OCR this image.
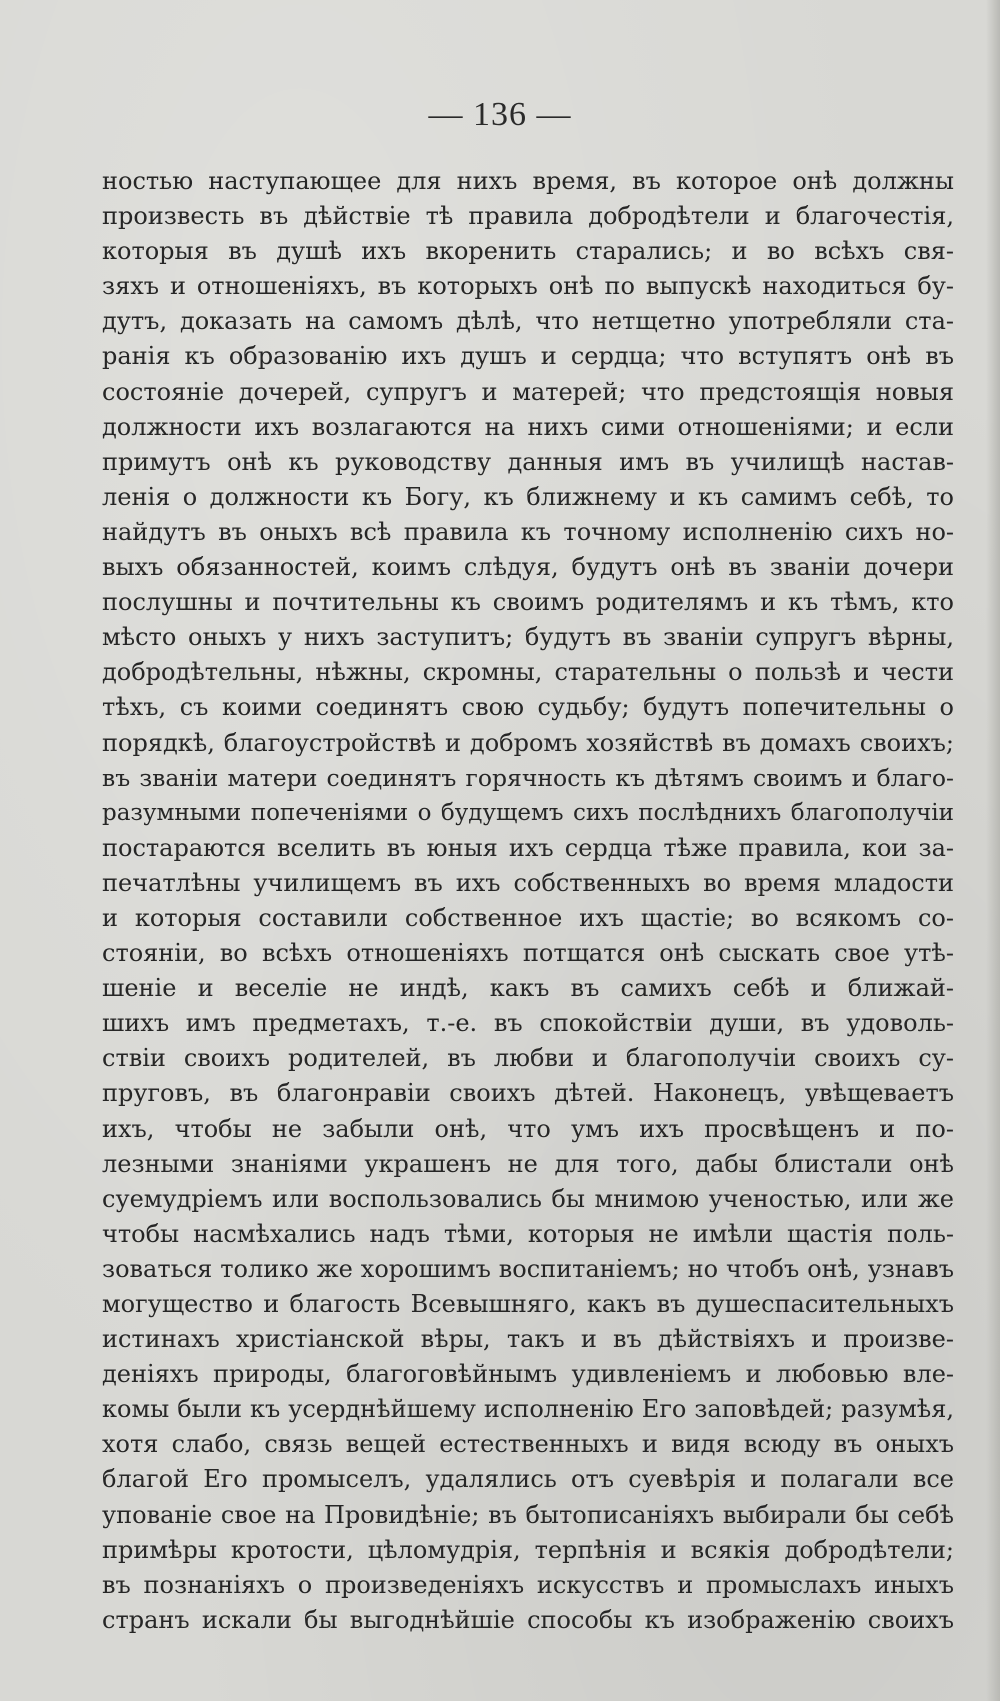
— 136 —
ностью наступающее для нихъ время, въ которое онѣ должны
произвесть въ дѣйствіе тѣ правила добродѣтели и благочестія,
которыя въ душѣ ихъ вкоренить старались; и во всѣхъ свя-
зяхъ и отношеніяхъ, въ которыхъ онѣ по выпускѣ находиться бу-
дутъ, доказать на самомъ дѣлѣ, что нетщетно употребляли ста-
ранія къ образованію ихъ душъ и сердца; что вступятъ онѣ въ
состояніе дочерей, супругъ и матерей; что предстоящія новыя
должности ихъ возлагаются на нихъ сими отношеніями; и если
примутъ онѣ къ руководству данныя имъ въ училищѣ настав-
ленія о должности къ Богу, къ ближнему и къ самимъ себѣ, то
найдутъ въ оныхъ всѣ правила къ точному исполненію сихъ но-
выхъ обязанностей, коимъ слѣдуя, будутъ онѣ въ званіи дочери
послушны и почтительны къ своимъ родителямъ и къ тѣмъ, кто
мѣсто оныхъ у нихъ заступитъ; будутъ въ званіи супругъ вѣрны,
добродѣтельны, нѣжны, скромны, старательны о пользѣ и чести
тѣхъ, съ коими соединятъ свою судьбу; будутъ попечительны о
порядкѣ, благоустройствѣ и добромъ хозяйствѣ въ домахъ своихъ;
въ званіи матери соединятъ горячность къ дѣтямъ своимъ и благо-
разумными попеченіями о будущемъ сихъ послѣднихъ благополучіи
постараются вселить въ юныя ихъ сердца тѣже правила, кои за-
печатлѣны училищемъ въ ихъ собственныхъ во время младости
и которыя составили собственное ихъ щастіе; во всякомъ со-
стояніи, во всѣхъ отношеніяхъ потщатся онѣ сыскать свое утѣ-
шеніе и веселіе не индѣ, какъ въ самихъ себѣ и ближай-
шихъ имъ предметахъ, т.-е. въ спокойствіи души, въ удоволь-
ствіи своихъ родителей, въ любви и благополучіи своихъ су-
пруговъ, въ благонравіи своихъ дѣтей. Наконецъ, увѣщеваетъ
ихъ, чтобы не забыли онѣ, что умъ ихъ просвѣщенъ и по-
лезными знаніями украшенъ не для того, дабы блистали онѣ
суемудріемъ или воспользовались бы мнимою ученостью, или же
чтобы насмѣхались надъ тѣми, которыя не имѣли щастія поль-
зоваться толико же хорошимъ воспитаніемъ; но чтобъ онѣ, узнавъ
могущество и благость Всевышняго, какъ въ душеспасительныхъ
истинахъ христіанской вѣры, такъ и въ дѣйствіяхъ и произве-
деніяхъ природы, благоговѣйнымъ удивленіемъ и любовью вле-
комы были къ усерднѣйшему исполненію Его заповѣдей; разумѣя,
хотя слабо, связь вещей естественныхъ и видя всюду въ оныхъ
благой Его промыселъ, удалялись отъ суевѣрія и полагали все
упованіе свое на Провидѣніе; въ бытописаніяхъ выбирали бы себѣ
примѣры кротости, цѣломудрія, терпѣнія и всякія добродѣтели;
въ познаніяхъ о произведеніяхъ искусствъ и промыслахъ иныхъ
странъ искали бы выгоднѣйшіе способы къ изображенію своихъ
